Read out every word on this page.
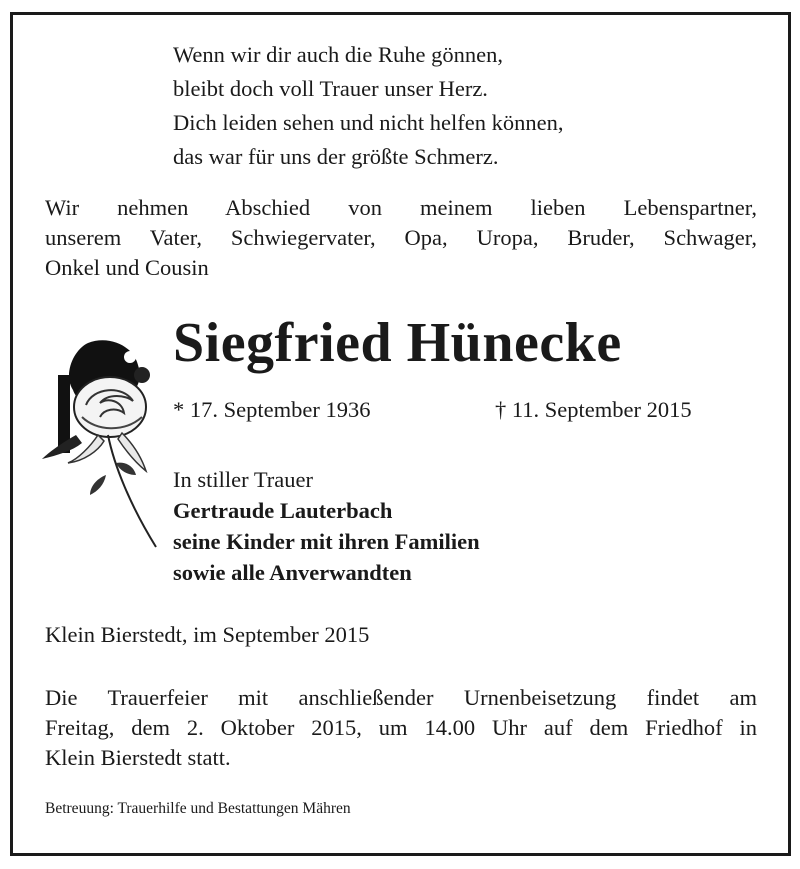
Wenn wir dir auch die Ruhe gönnen,
bleibt doch voll Trauer unser Herz.
Dich leiden sehen und nicht helfen können,
das war für uns der größte Schmerz.
Wir nehmen Abschied von meinem lieben Lebenspartner,
unserem Vater, Schwiegervater, Opa, Uropa, Bruder, Schwager,
Onkel und Cousin
Siegfried Hünecke
* 17. September 1936	† 11. September 2015
In stiller Trauer
Gertraude Lauterbach
seine Kinder mit ihren Familien
sowie alle Anverwandten
Klein Bierstedt, im September 2015
Die Trauerfeier mit anschließender Urnenbeisetzung findet am
Freitag, dem 2. Oktober 2015, um 14.00 Uhr auf dem Friedhof in
Klein Bierstedt statt.
Betreuung: Trauerhilfe und Bestattungen Mähren
